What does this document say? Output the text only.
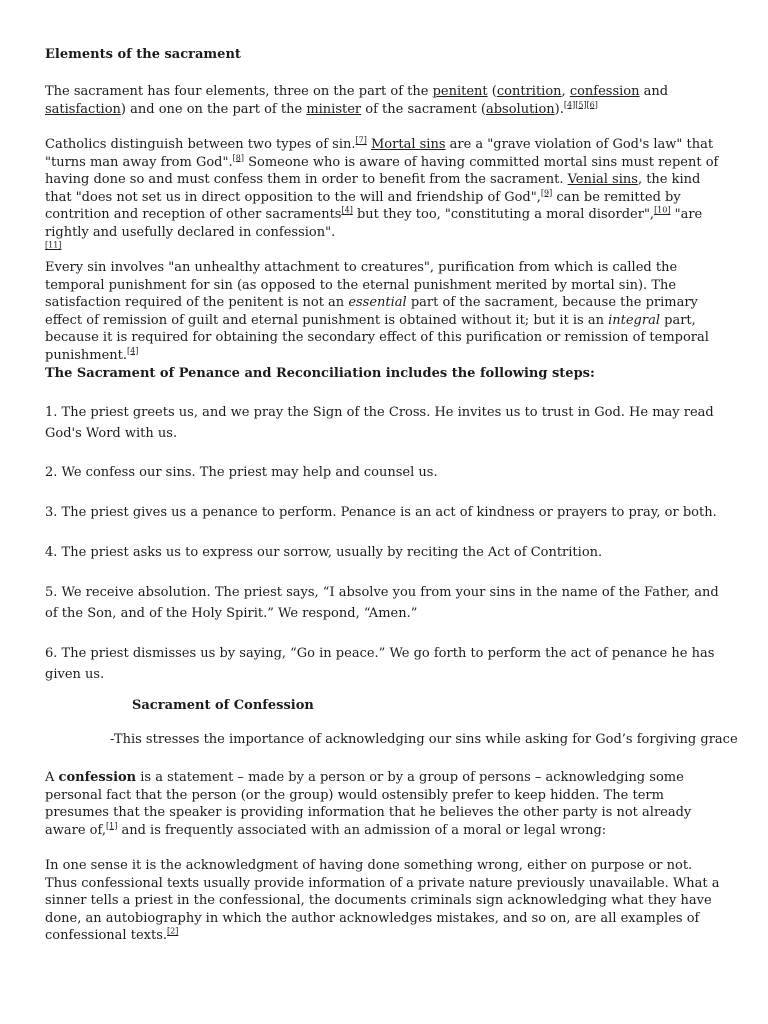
Elements of the sacrament

The sacrament has four elements, three on the part of the penitent (contrition, confession and satisfaction) and one on the part of the minister of the sacrament (absolution).[4][5][6]

Catholics distinguish between two types of sin.[7] Mortal sins are a "grave violation of God's law" that "turns man away from God".[8] Someone who is aware of having committed mortal sins must repent of having done so and must confess them in order to benefit from the sacrament. Venial sins, the kind that "does not set us in direct opposition to the will and friendship of God",[9] can be remitted by contrition and reception of other sacraments[4] but they too, "constituting a moral disorder",[10] "are rightly and usefully declared in confession".
[11]

Every sin involves "an unhealthy attachment to creatures", purification from which is called the temporal punishment for sin (as opposed to the eternal punishment merited by mortal sin). The satisfaction required of the penitent is not an essential part of the sacrament, because the primary effect of remission of guilt and eternal punishment is obtained without it; but it is an integral part, because it is required for obtaining the secondary effect of this purification or remission of temporal punishment.[4]

The Sacrament of Penance and Reconciliation includes the following steps:

1. The priest greets us, and we pray the Sign of the Cross. He invites us to trust in God. He may read God's Word with us.

2. We confess our sins. The priest may help and counsel us.

3. The priest gives us a penance to perform. Penance is an act of kindness or prayers to pray, or both.

4. The priest asks us to express our sorrow, usually by reciting the Act of Contrition.

5. We receive absolution. The priest says, “I absolve you from your sins in the name of the Father, and of the Son, and of the Holy Spirit.” We respond, “Amen.”

6. The priest dismisses us by saying, “Go in peace.” We go forth to perform the act of penance he has given us.

Sacrament of Confession

-This stresses the importance of acknowledging our sins while asking for God’s forgiving grace

A confession is a statement – made by a person or by a group of persons – acknowledging some personal fact that the person (or the group) would ostensibly prefer to keep hidden. The term presumes that the speaker is providing information that he believes the other party is not already aware of,[1] and is frequently associated with an admission of a moral or legal wrong:

In one sense it is the acknowledgment of having done something wrong, either on purpose or not. Thus confessional texts usually provide information of a private nature previously unavailable. What a sinner tells a priest in the confessional, the documents criminals sign acknowledging what they have done, an autobiography in which the author acknowledges mistakes, and so on, are all examples of confessional texts.[2]
